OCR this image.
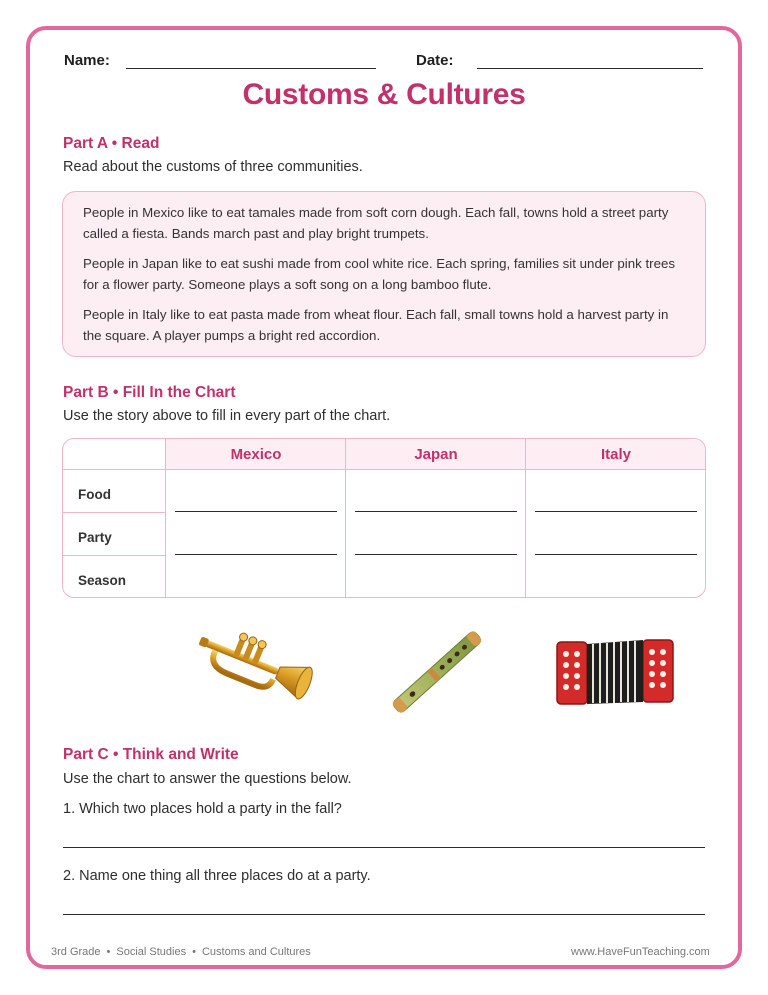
Name:	Date:
Customs & Cultures
Part A • Read
Read about the customs of three communities.

People in Mexico like to eat tamales made from soft corn dough. Each fall, towns hold a street party called a fiesta. Bands march past and play bright trumpets.

People in Japan like to eat sushi made from cool white rice. Each spring, families sit under pink trees for a flower party. Someone plays a soft song on a long bamboo flute.

People in Italy like to eat pasta made from wheat flour. Each fall, small towns hold a harvest party in the square. A player pumps a bright red accordion.

Part B • Fill In the Chart
Use the story above to fill in every part of the chart.
Mexico	Japan	Italy
Food
Party
Season
Part C • Think and Write
Use the chart to answer the questions below.
1. Which two places hold a party in the fall?
2. Name one thing all three places do at a party.
3rd Grade • Social Studies • Customs and Cultures	www.HaveFunTeaching.com
